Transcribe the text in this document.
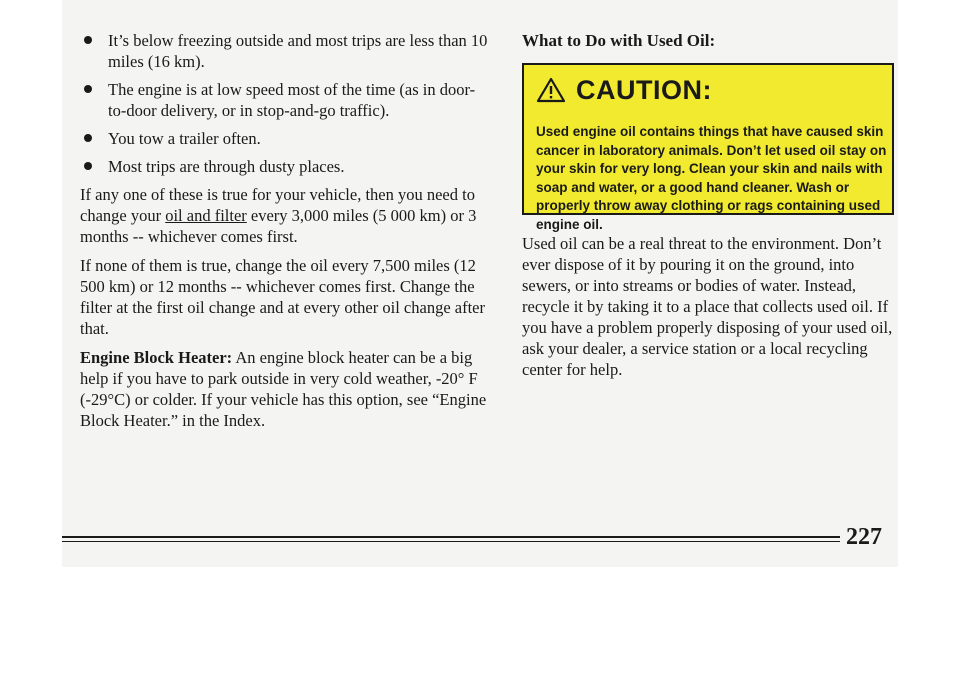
It’s below freezing outside and most trips are less than 10 miles (16 km).
The engine is at low speed most of the time (as in door-to-door delivery, or in stop-and-go traffic).
You tow a trailer often.
Most trips are through dusty places.

If any one of these is true for your vehicle, then you need to change your oil and filter every 3,000 miles (5 000 km) or 3 months -- whichever comes first.

If none of them is true, change the oil every 7,500 miles (12 500 km) or 12 months -- whichever comes first. Change the filter at the first oil change and at every other oil change after that.

Engine Block Heater: An engine block heater can be a big help if you have to park outside in very cold weather, -20° F (-29°C) or colder. If your vehicle has this option, see “Engine Block Heater.” in the Index.

What to Do with Used Oil:
CAUTION:
Used engine oil contains things that have caused skin cancer in laboratory animals. Don’t let used oil stay on your skin for very long. Clean your skin and nails with soap and water, or a good hand cleaner. Wash or properly throw away clothing or rags containing used engine oil.

Used oil can be a real threat to the environment. Don’t ever dispose of it by pouring it on the ground, into sewers, or into streams or bodies of water. Instead, recycle it by taking it to a place that collects used oil. If you have a problem properly disposing of your used oil, ask your dealer, a service station or a local recycling center for help.

227
